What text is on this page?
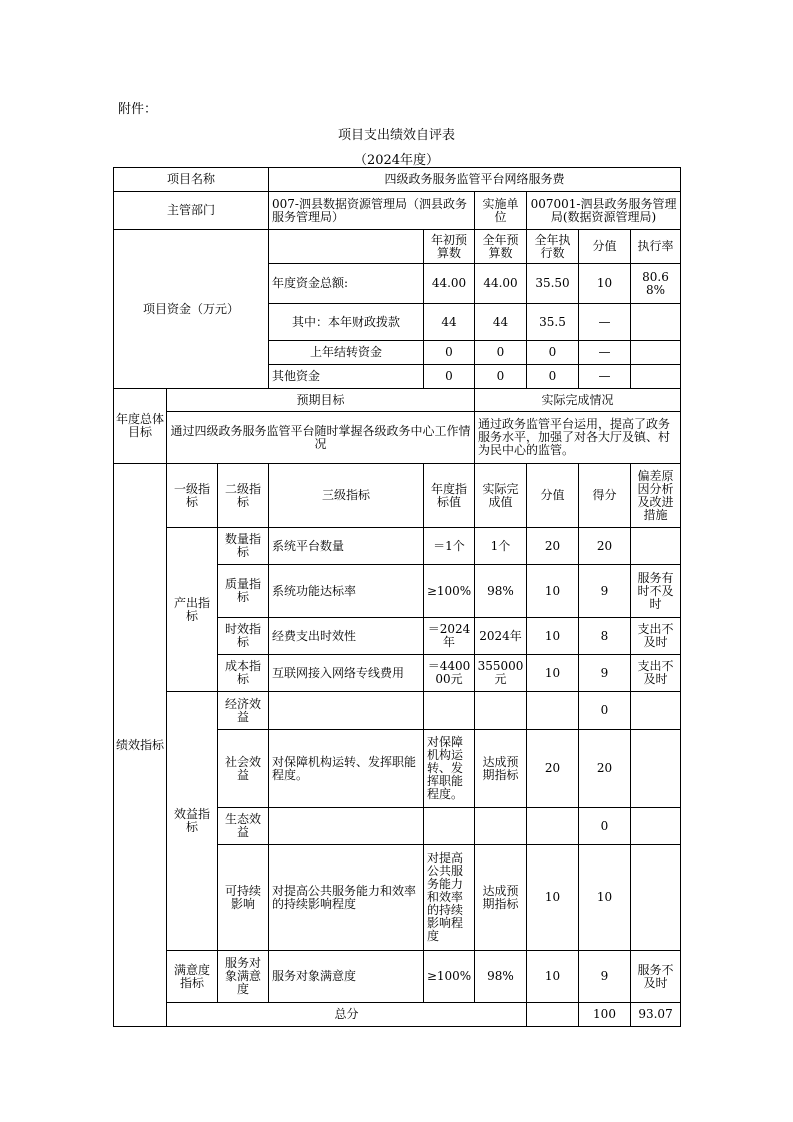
附件：
项目支出绩效自评表
（2024年度）
项目名称			四级政务服务监管平台网络服务费						
主管部门			007-泗县数据资源管理局（泗县政务服务管理局）		实施单位	007001-泗县政务服务管理局(数据资源管理局)			
项目资金（万元）				年初预算数	全年预算数	全年执行数	分值	执行率	
			年度资金总额:	44.00	44.00	35.50	10	80.68%	
			其中：本年财政拨款	44	44	35.5	—		
			上年结转资金	0	0	0	—		
			其他资金	0	0	0	—		
年度总体目标	预期目标				实际完成情况				
	通过四级政务服务监管平台随时掌握各级政务中心工作情况				通过政务监管平台运用，提高了政务服务水平，加强了对各大厅及镇、村为民中心的监管。				
绩效指标	一级指标	二级指标	三级指标	年度指标值	实际完成值	分值	得分	偏差原因分析及改进措施	
	产出指标	数量指标	系统平台数量	＝1个	1个	20	20		
		质量指标	系统功能达标率	≥100%	98%	10	9	服务有时不及时	
		时效指标	经费支出时效性	＝2024年	2024年	10	8	支出不及时	
		成本指标	互联网接入网络专线费用	＝440000元	355000元	10	9	支出不及时	
	效益指标	经济效益					0		
		社会效益	对保障机构运转、发挥职能程度。	对保障机构运转、发挥职能程度。	达成预期指标	20	20		
		生态效益					0		
		可持续影响	对提高公共服务能力和效率的持续影响程度	对提高公共服务能力和效率的持续影响程度	达成预期指标	10	10		
	满意度指标	服务对象满意度	服务对象满意度	≥100%	98%	10	9	服务不及时	
	总分						100	93.07	
